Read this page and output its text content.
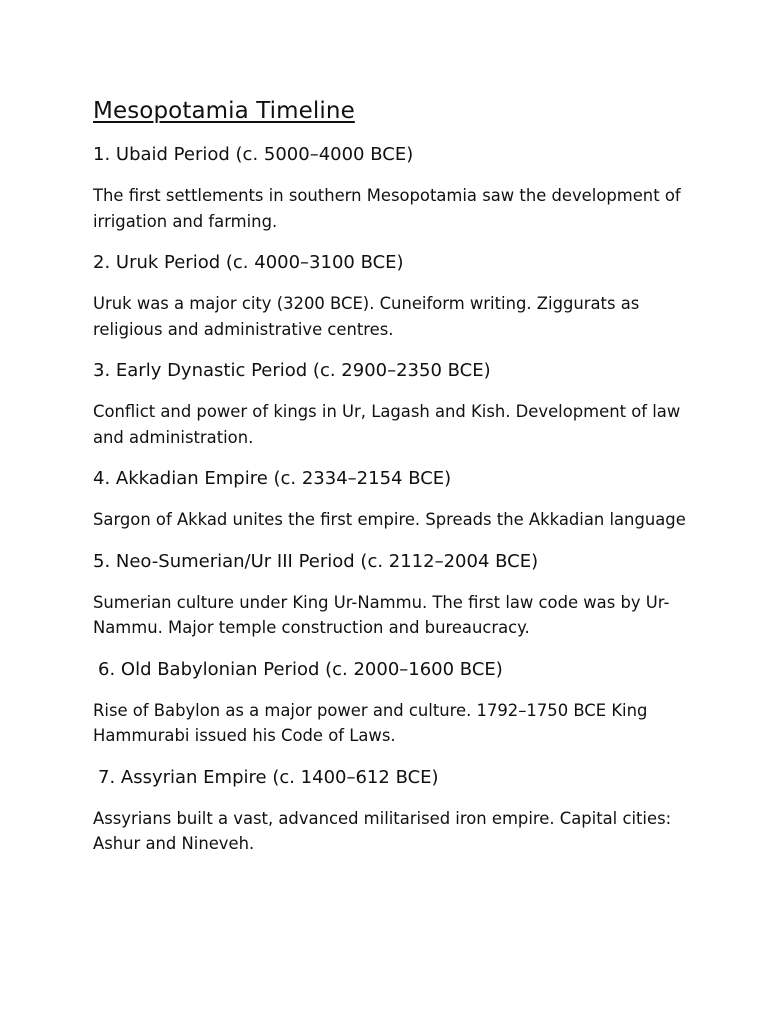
Mesopotamia Timeline
1. Ubaid Period (c. 5000–4000 BCE)

The first settlements in southern Mesopotamia saw the development of irrigation and farming.

2. Uruk Period (c. 4000–3100 BCE)

Uruk was a major city (3200 BCE). Cuneiform writing. Ziggurats as religious and administrative centres.

3. Early Dynastic Period (c. 2900–2350 BCE)

Conflict and power of kings in Ur, Lagash and Kish. Development of law and administration.

4. Akkadian Empire (c. 2334–2154 BCE)

Sargon of Akkad unites the first empire. Spreads the Akkadian language

5. Neo-Sumerian/Ur III Period (c. 2112–2004 BCE)

Sumerian culture under King Ur-Nammu. The first law code was by Ur-Nammu. Major temple construction and bureaucracy.

6. Old Babylonian Period (c. 2000–1600 BCE)

Rise of Babylon as a major power and culture. 1792–1750 BCE King Hammurabi issued his Code of Laws.

7. Assyrian Empire (c. 1400–612 BCE)

Assyrians built a vast, advanced militarised iron empire. Capital cities: Ashur and Nineveh.
